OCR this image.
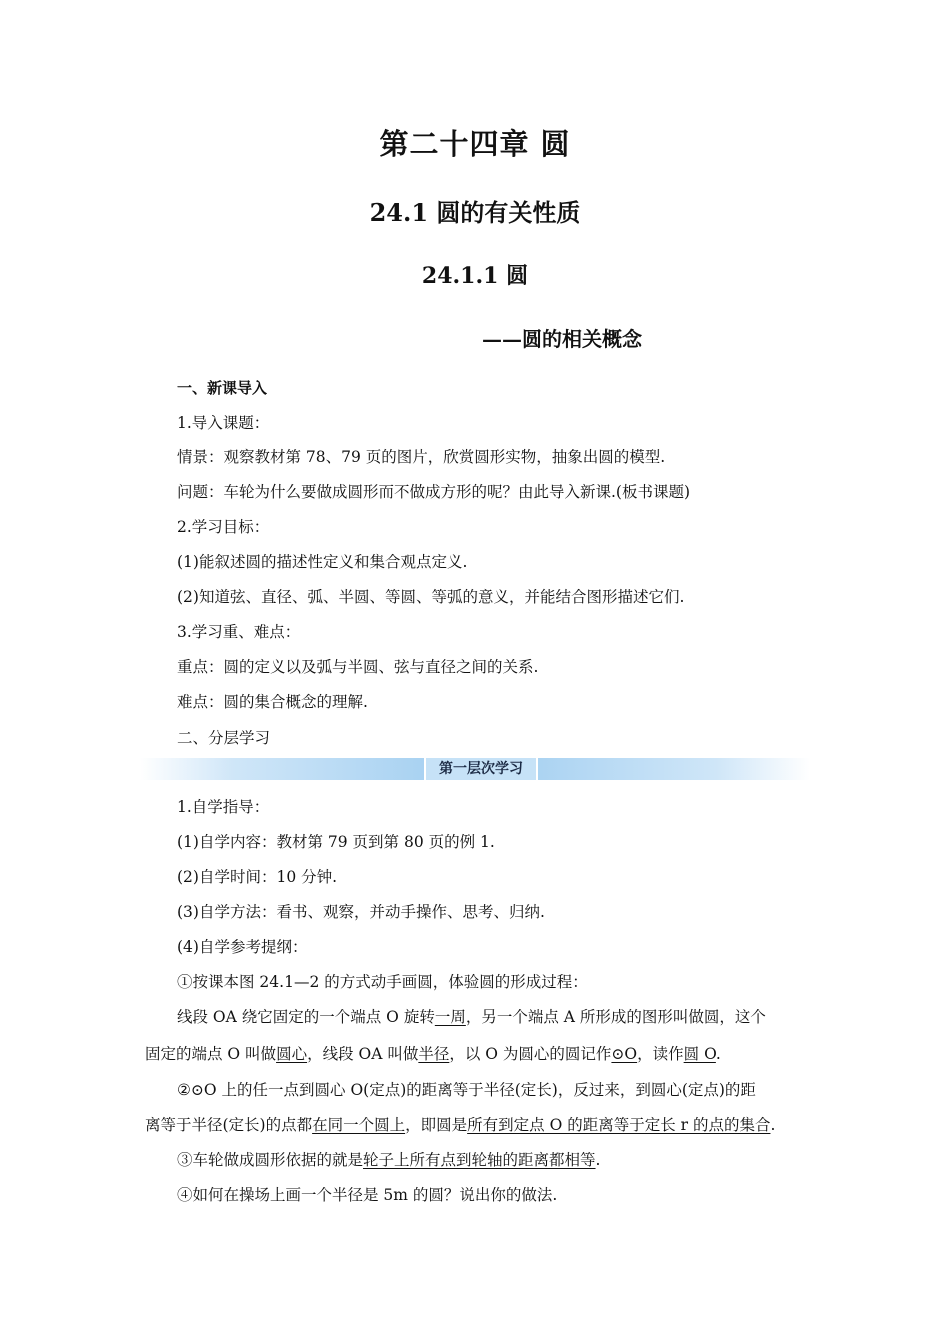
第二十四章 圆
24.1 圆的有关性质
24.1.1 圆
——圆的相关概念
一、新课导入
1.导入课题：
情景：观察教材第 78、79 页的图片，欣赏圆形实物，抽象出圆的模型.
问题：车轮为什么要做成圆形而不做成方形的呢？由此导入新课.(板书课题)
2.学习目标：
(1)能叙述圆的描述性定义和集合观点定义.
(2)知道弦、直径、弧、半圆、等圆、等弧的意义，并能结合图形描述它们.
3.学习重、难点：
重点：圆的定义以及弧与半圆、弦与直径之间的关系.
难点：圆的集合概念的理解.
二、分层学习
第一层次学习
1.自学指导：
(1)自学内容：教材第 79 页到第 80 页的例 1.
(2)自学时间：10 分钟.
(3)自学方法：看书、观察，并动手操作、思考、归纳.
(4)自学参考提纲：
①按课本图 24.1—2 的方式动手画圆，体验圆的形成过程：
线段 OA 绕它固定的一个端点 O 旋转一周，另一个端点 A 所形成的图形叫做圆，这个
固定的端点 O 叫做圆心，线段 OA 叫做半径，以 O 为圆心的圆记作⊙O，读作圆 O.
②⊙O 上的任一点到圆心 O(定点)的距离等于半径(定长)，反过来，到圆心(定点)的距
离等于半径(定长)的点都在同一个圆上，即圆是所有到定点 O 的距离等于定长 r 的点的集合.
③车轮做成圆形依据的就是轮子上所有点到轮轴的距离都相等.
④如何在操场上画一个半径是 5m 的圆？说出你的做法.
